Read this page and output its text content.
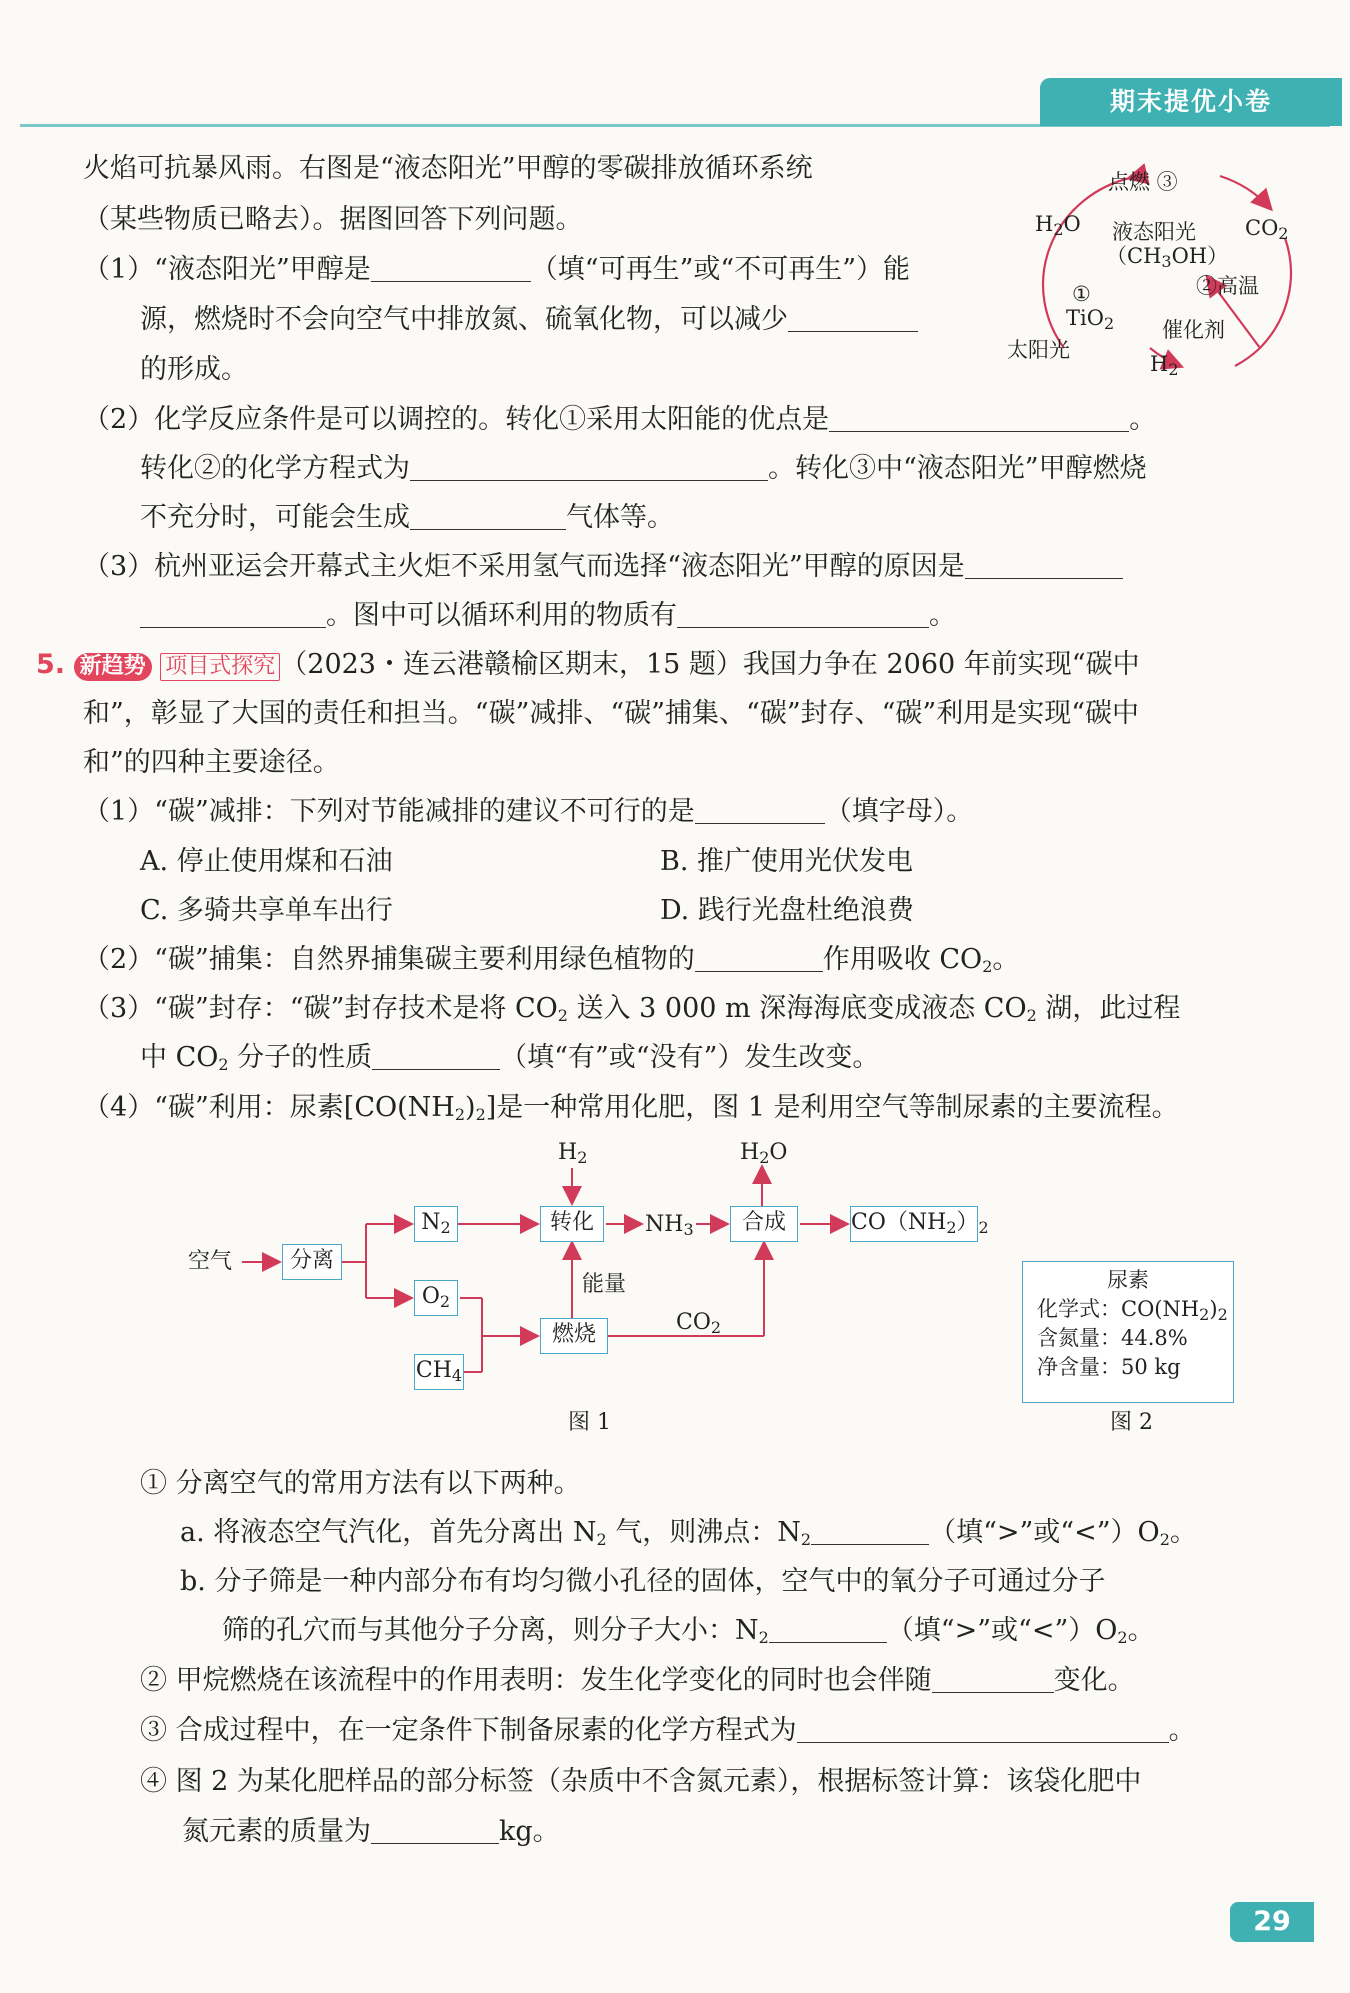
期末提优小卷
火焰可抗暴风雨。右图是“液态阳光”甲醇的零碳排放循环系统
（某些物质已略去）。据图回答下列问题。
（1）“液态阳光”甲醇是	（填“可再生”或“不可再生”）能
源，燃烧时不会向空气中排放氮、硫氧化物，可以减少
的形成。
（2）化学反应条件是可以调控的。转化①采用太阳能的优点是	。
转化②的化学方程式为	。转化③中“液态阳光”甲醇燃烧
不充分时，可能会生成	气体等。
（3）杭州亚运会开幕式主火炬不采用氢气而选择“液态阳光”甲醇的原因是
。图中可以循环利用的物质有	。
点燃 ③
$H_2O$	$CO_2$
液态阳光
$(CH_3OH)$
①
TiO$_2$
②高温
催化剂
太阳光
$H_2$
5. 新趋势 项目式探究 （2023・连云港赣榆区期末，15 题）我国力争在 2060 年前实现“碳中
和”，彰显了大国的责任和担当。“碳”减排、“碳”捕集、“碳”封存、“碳”利用是实现“碳中
和”的四种主要途径。
（1）“碳”减排：下列对节能减排的建议不可行的是	（填字母）。
A. 停止使用煤和石油	B. 推广使用光伏发电
C. 多骑共享单车出行	D. 践行光盘杜绝浪费
（2）“碳”捕集：自然界捕集碳主要利用绿色植物的	作用吸收 $CO_2$。
（3）“碳”封存：“碳”封存技术是将 $CO_2$ 送入 3 000 m 深海海底变成液态 $CO_2$ 湖，此过程
中 $CO_2$ 分子的性质	（填“有”或“没有”）发生改变。
（4）“碳”利用：尿素$[CO(NH_2)_2]$是一种常用化肥，图 1 是利用空气等制尿素的主要流程。
空气	分离
$N_2$
$O_2$
$CH_4$
$H_2$
转化	$NH_3$
$H_2O$
合成	$CO(NH_2)_2$
能量
燃烧	$CO_2$
图 1
尿素
化学式：$CO(NH_2)_2$
含氮量：44.8%
净含量：50 kg
图 2
① 分离空气的常用方法有以下两种。
a. 将液态空气汽化，首先分离出 $N_2$ 气，则沸点：$N_2$	（填“>”或“$<”)O_2$。
b. 分子筛是一种内部分布有均匀微小孔径的固体，空气中的氧分子可通过分子
筛的孔穴而与其他分子分离，则分子大小：$N_2$	（填“>”或“$<”)O_2$。
② 甲烷燃烧在该流程中的作用表明：发生化学变化的同时也会伴随	变化。
③ 合成过程中，在一定条件下制备尿素的化学方程式为	。
④ 图 2 为某化肥样品的部分标签（杂质中不含氮元素），根据标签计算：该袋化肥中
氮元素的质量为	kg。
29
